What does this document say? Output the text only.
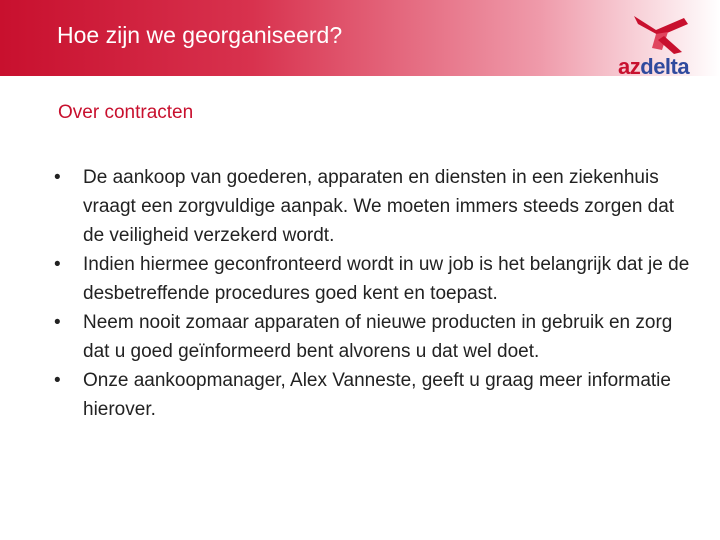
Hoe zijn we georganiseerd?
azdelta
Over contracten
• De aankoop van goederen, apparaten en diensten in een ziekenhuis vraagt een zorgvuldige aanpak. We moeten immers steeds zorgen dat de veiligheid verzekerd wordt.
• Indien hiermee geconfronteerd wordt in uw job is het belangrijk dat je de desbetreffende procedures goed kent en toepast.
• Neem nooit zomaar apparaten of nieuwe producten in gebruik en zorg dat u goed geïnformeerd bent alvorens u dat wel doet.
• Onze aankoopmanager, Alex Vanneste, geeft u graag meer informatie hierover.
